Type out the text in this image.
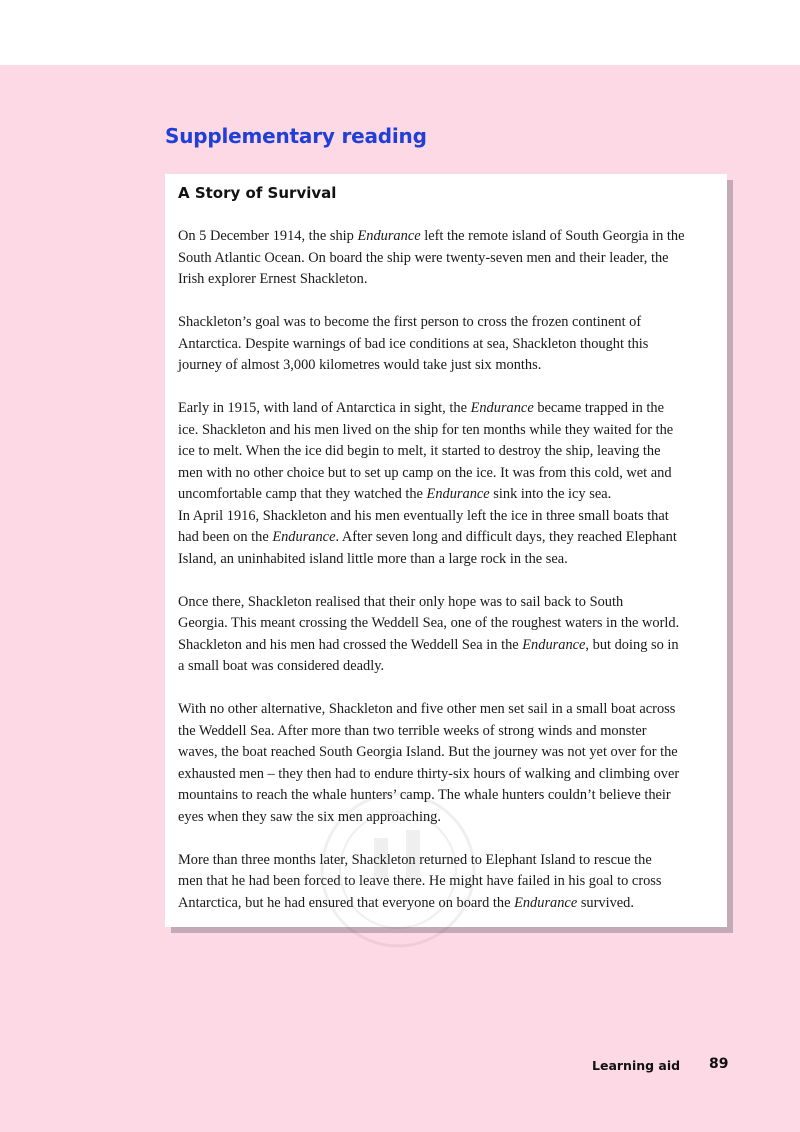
Supplementary reading
A Story of Survival
On 5 December 1914, the ship Endurance left the remote island of South Georgia in the
South Atlantic Ocean. On board the ship were twenty-seven men and their leader, the
Irish explorer Ernest Shackleton.
Shackleton’s goal was to become the first person to cross the frozen continent of
Antarctica. Despite warnings of bad ice conditions at sea, Shackleton thought this
journey of almost 3,000 kilometres would take just six months.
Early in 1915, with land of Antarctica in sight, the Endurance became trapped in the
ice. Shackleton and his men lived on the ship for ten months while they waited for the
ice to melt. When the ice did begin to melt, it started to destroy the ship, leaving the
men with no other choice but to set up camp on the ice. It was from this cold, wet and
uncomfortable camp that they watched the Endurance sink into the icy sea.
In April 1916, Shackleton and his men eventually left the ice in three small boats that
had been on the Endurance. After seven long and difficult days, they reached Elephant
Island, an uninhabited island little more than a large rock in the sea.
Once there, Shackleton realised that their only hope was to sail back to South
Georgia. This meant crossing the Weddell Sea, one of the roughest waters in the world.
Shackleton and his men had crossed the Weddell Sea in the Endurance, but doing so in
a small boat was considered deadly.
With no other alternative, Shackleton and five other men set sail in a small boat across
the Weddell Sea. After more than two terrible weeks of strong winds and monster
waves, the boat reached South Georgia Island. But the journey was not yet over for the
exhausted men – they then had to endure thirty-six hours of walking and climbing over
mountains to reach the whale hunters’ camp. The whale hunters couldn’t believe their
eyes when they saw the six men approaching.
More than three months later, Shackleton returned to Elephant Island to rescue the
men that he had been forced to leave there. He might have failed in his goal to cross
Antarctica, but he had ensured that everyone on board the Endurance survived.
Learning aid 89
